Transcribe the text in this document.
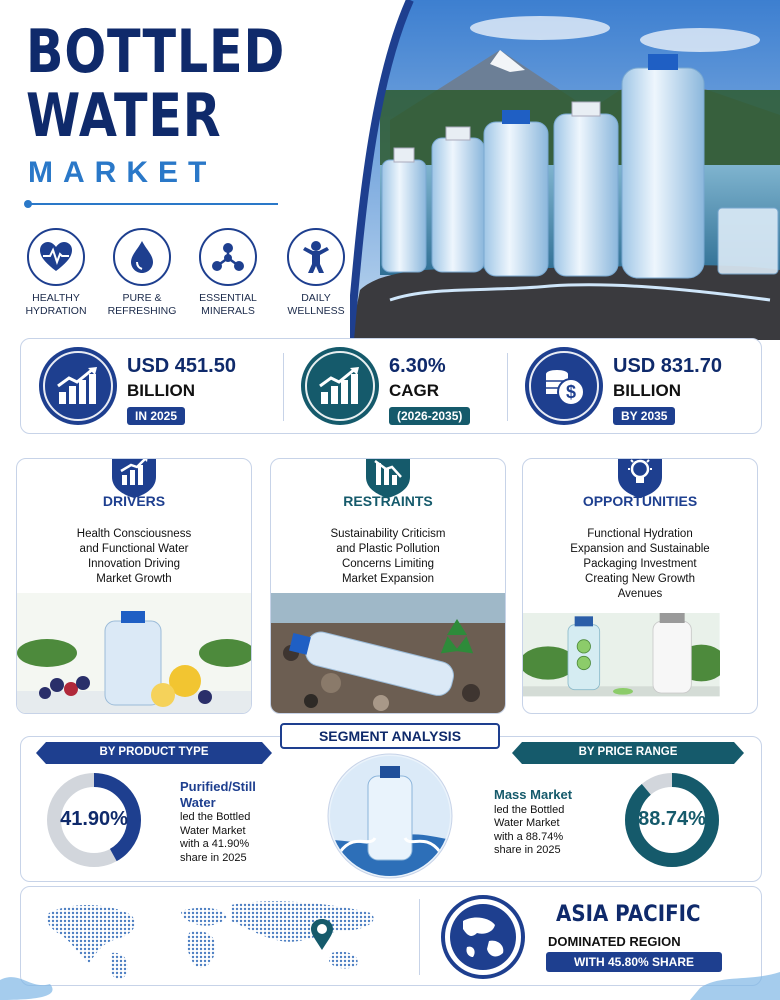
BOTTLED
WATER
MARKET
HEALTHY
HYDRATION
PURE &
REFRESHING
ESSENTIAL
MINERALS
DAILY
WELLNESS
USD 451.50
BILLION
IN 2025
6.30%
CAGR
(2026-2035)
$
USD 831.70
BILLION
BY 2035
DRIVERS
Health Consciousness
and Functional Water
Innovation Driving
Market Growth
RESTRAINTS
Sustainability Criticism
and Plastic Pollution
Concerns Limiting
Market Expansion
OPPORTUNITIES
Functional Hydration
Expansion and Sustainable
Packaging Investment
Creating New Growth
Avenues
SEGMENT ANALYSIS
BY PRODUCT TYPE	BY PRICE RANGE
41.90%
Purified/Still
Water
led the Bottled
Water Market
with a 41.90%
share in 2025
Mass Market
led the Bottled
Water Market
with a 88.74%
share in 2025
88.74%
ASIA PACIFIC
DOMINATED REGION
WITH 45.80% SHARE
